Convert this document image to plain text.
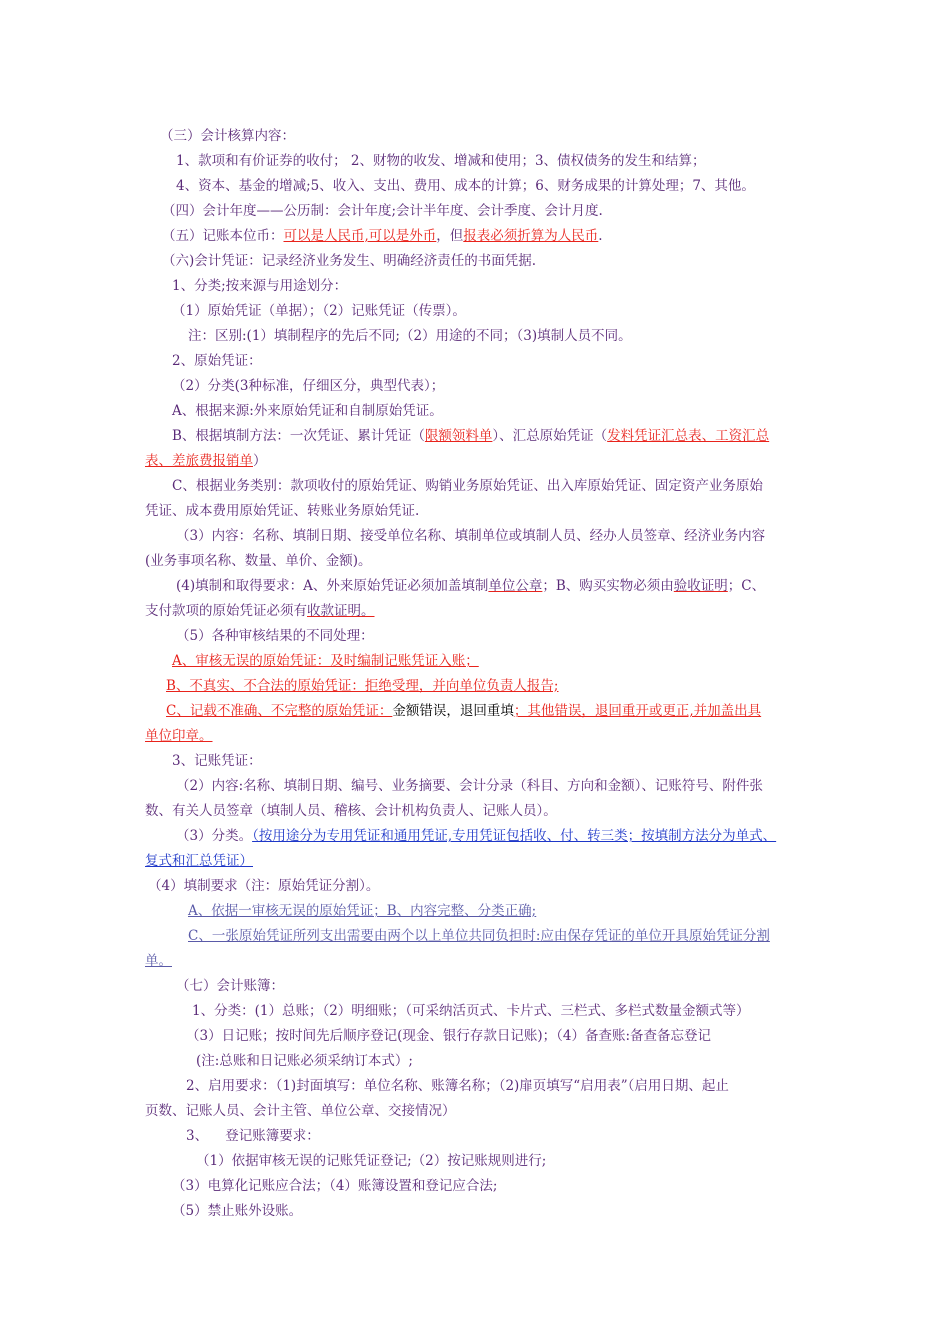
（三）会计核算内容：
1、款项和有价证券的收付； 2、财物的收发、增减和使用；3、债权债务的发生和结算；
4、资本、基金的增减;5、收入、支出、费用、成本的计算；6、财务成果的计算处理；7、其他。
（四）会计年度——公历制：会计年度;会计半年度、会计季度、会计月度.
（五）记账本位币：可以是人民币,可以是外币，但报表必须折算为人民币.
（六)会计凭证：记录经济业务发生、明确经济责任的书面凭据.
1、分类;按来源与用途划分：
（1）原始凭证（单据）；（2）记账凭证（传票）。
注：区别:(1）填制程序的先后不同;（2）用途的不同；（3)填制人员不同。
2、原始凭证：
（2）分类(3种标准，仔细区分，典型代表）；
A、根据来源:外来原始凭证和自制原始凭证。
B、根据填制方法：一次凭证、累计凭证（限额领料单）、汇总原始凭证（发料凭证汇总表、工资汇总
表、差旅费报销单）
C、根据业务类别：款项收付的原始凭证、购销业务原始凭证、出入库原始凭证、固定资产业务原始
凭证、成本费用原始凭证、转账业务原始凭证.
（3）内容：名称、填制日期、接受单位名称、填制单位或填制人员、经办人员签章、经济业务内容
(业务事项名称、数量、单价、金额)。
(4)填制和取得要求：A、外来原始凭证必须加盖填制单位公章；B、购买实物必须由验收证明；C、
支付款项的原始凭证必须有收款证明。
（5）各种审核结果的不同处理：
A、审核无误的原始凭证：及时编制记账凭证入账；
B、不真实、不合法的原始凭证：拒绝受理，并向单位负责人报告;
C、记载不准确、不完整的原始凭证：金额错误，退回重填；其他错误，退回重开或更正,并加盖出具
单位印章。
3、记账凭证：
（2）内容:名称、填制日期、编号、业务摘要、会计分录（科目、方向和金额）、记账符号、附件张
数、有关人员签章（填制人员、稽核、会计机构负责人、记账人员）。
（3）分类。（按用途分为专用凭证和通用凭证,专用凭证包括收、付、转三类；按填制方法分为单式、
复式和汇总凭证）
（4）填制要求（注：原始凭证分割）。
A、依据一审核无误的原始凭证；B、内容完整、分类正确;
C、一张原始凭证所列支出需要由两个以上单位共同负担时:应由保存凭证的单位开具原始凭证分割
单。
（七）会计账簿：
1、分类：(1）总账；（2）明细账；（可采纳活页式、卡片式、三栏式、多栏式数量金额式等）
（3）日记账；按时间先后顺序登记(现金、银行存款日记账)；（4）备查账:备查备忘登记
(注:总账和日记账必须采纳订本式）;
2、启用要求：（1)封面填写：单位名称、账簿名称；（2)扉页填写“启用表”（启用日期、起止
页数、记账人员、会计主管、单位公章、交接情况）
3、    登记账簿要求：
（1）依据审核无误的记账凭证登记;（2）按记账规则进行;
（3）电算化记账应合法；（4）账簿设置和登记应合法;
（5）禁止账外设账。
